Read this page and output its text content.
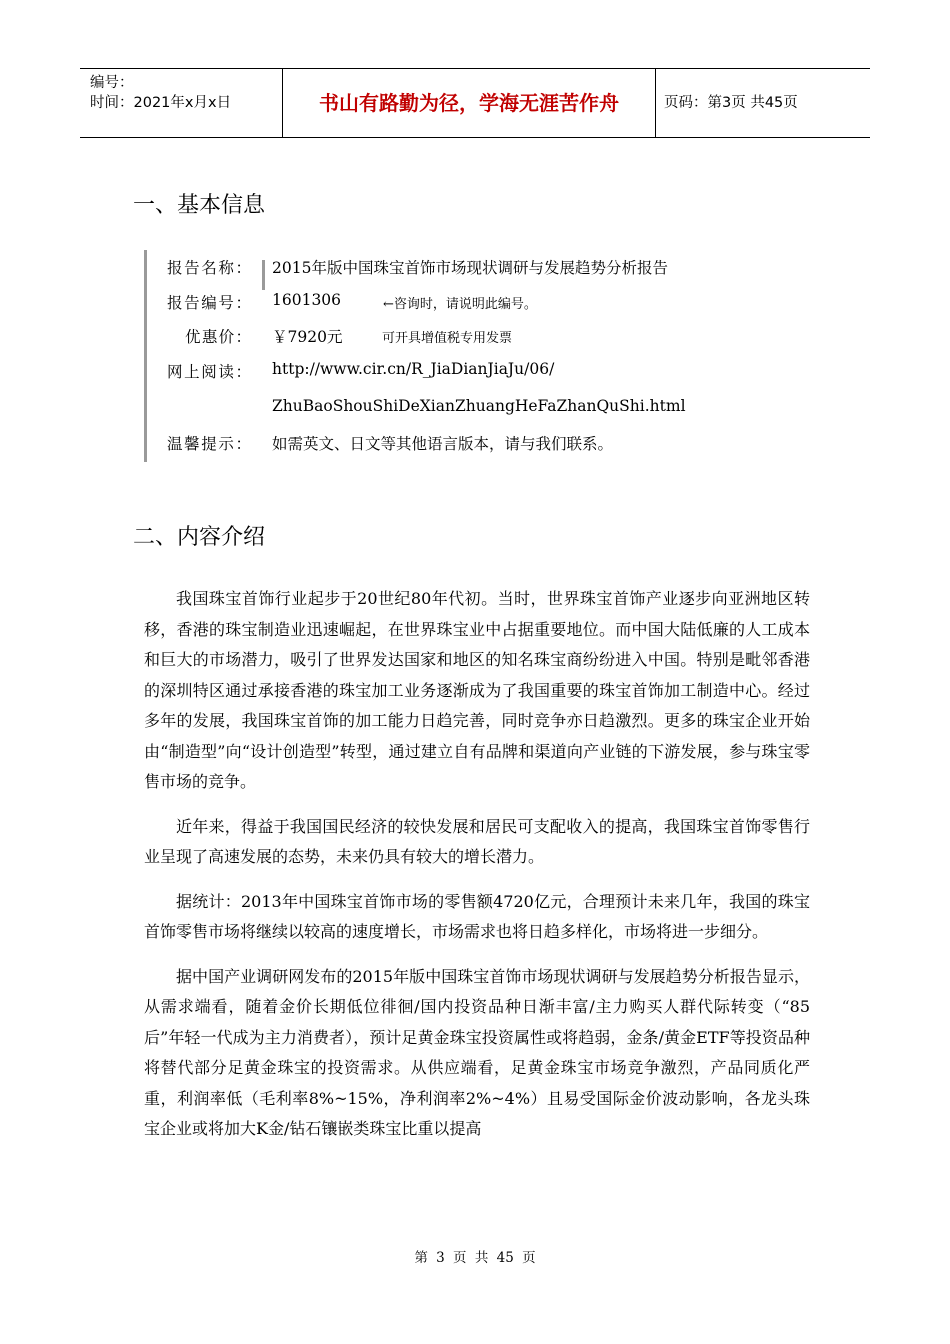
编号：
时间：2021年x月x日	书山有路勤为径，学海无涯苦作舟	页码：第3页 共45页
一、基本信息
报告名称： 2015年版中国珠宝首饰市场现状调研与发展趋势分析报告
报告编号： 1601306	←咨询时，请说明此编号。
优惠价： ￥7920元	可开具增值税专用发票
网上阅读： http://www.cir.cn/R_JiaDianJiaJu/06/
ZhuBaoShouShiDeXianZhuangHeFaZhanQuShi.html
温馨提示： 如需英文、日文等其他语言版本，请与我们联系。
二、内容介绍

我国珠宝首饰行业起步于20世纪80年代初。当时，世界珠宝首饰产业逐步向亚洲地区转移，香港的珠宝制造业迅速崛起，在世界珠宝业中占据重要地位。而中国大陆低廉的人工成本和巨大的市场潜力，吸引了世界发达国家和地区的知名珠宝商纷纷进入中国。特别是毗邻香港的深圳特区通过承接香港的珠宝加工业务逐渐成为了我国重要的珠宝首饰加工制造中心。经过多年的发展，我国珠宝首饰的加工能力日趋完善，同时竞争亦日趋激烈。更多的珠宝企业开始由“制造型”向“设计创造型”转型，通过建立自有品牌和渠道向产业链的下游发展，参与珠宝零售市场的竞争。

近年来，得益于我国国民经济的较快发展和居民可支配收入的提高，我国珠宝首饰零售行业呈现了高速发展的态势，未来仍具有较大的增长潜力。

据统计：2013年中国珠宝首饰市场的零售额4720亿元，合理预计未来几年，我国的珠宝首饰零售市场将继续以较高的速度增长，市场需求也将日趋多样化，市场将进一步细分。

据中国产业调研网发布的2015年版中国珠宝首饰市场现状调研与发展趋势分析报告显示，从需求端看，随着金价长期低位徘徊/国内投资品种日渐丰富/主力购买人群代际转变（“85后”年轻一代成为主力消费者），预计足黄金珠宝投资属性或将趋弱，金条/黄金ETF等投资品种将替代部分足黄金珠宝的投资需求。从供应端看，足黄金珠宝市场竞争激烈，产品同质化严重，利润率低（毛利率8%~15%，净利润率2%~4%）且易受国际金价波动影响，各龙头珠宝企业或将加大K金/钻石镶嵌类珠宝比重以提高

第 3 页 共 45 页
